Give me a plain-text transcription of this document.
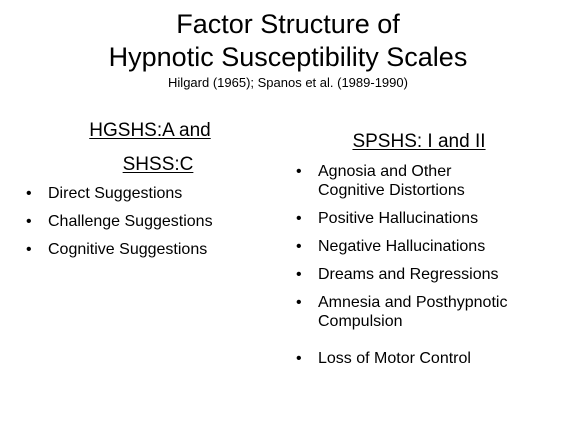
Factor Structure of
Hypnotic Susceptibility Scales
Hilgard (1965); Spanos et al. (1989-1990)
HGSHS:A and
SHSS:C
• Direct Suggestions
• Challenge Suggestions
• Cognitive Suggestions
SPSHS: I and II
• Agnosia and Other
Cognitive Distortions
• Positive Hallucinations
• Negative Hallucinations
• Dreams and Regressions
• Amnesia and Posthypnotic
Compulsion
• Loss of Motor Control
